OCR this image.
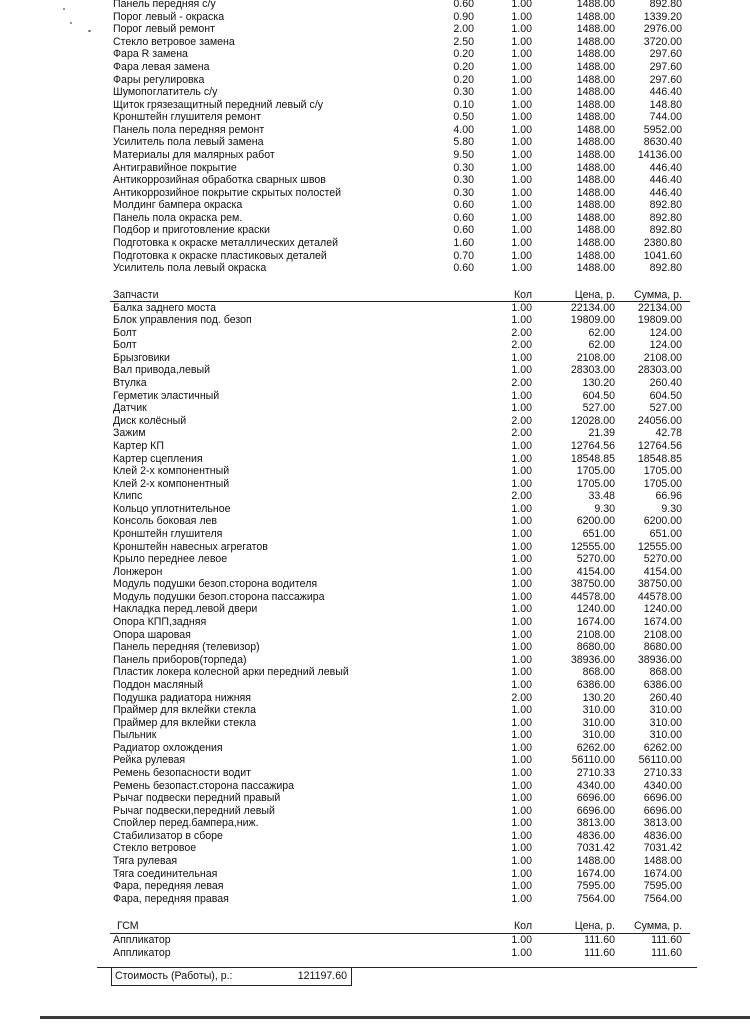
Панель передняя с/у	0.60	1.00	1488.00	892.80
Порог левый - окраска	0.90	1.00	1488.00	1339.20
Порог левый ремонт	2.00	1.00	1488.00	2976.00
Стекло ветровое замена	2.50	1.00	1488.00	3720.00
Фара R замена	0.20	1.00	1488.00	297.60
Фара левая замена	0.20	1.00	1488.00	297.60
Фары регулировка	0.20	1.00	1488.00	297.60
Шумопоглатитель с/у	0.30	1.00	1488.00	446.40
Щиток грязезащитный передний левый с/у	0.10	1.00	1488.00	148.80
Кронштейн глушителя ремонт	0.50	1.00	1488.00	744.00
Панель пола передняя ремонт	4.00	1.00	1488.00	5952.00
Усилитель пола левый замена	5.80	1.00	1488.00	8630.40
Материалы для малярных работ	9.50	1.00	1488.00 14136.00
Антигравийное покрытие	0.30	1.00	1488.00	446.40
Антикоррозийная обработка сварных швов	0.30	1.00	1488.00	446.40
Антикоррозийное покрытие скрытых полостей	0.30	1.00	1488.00	446.40
Молдинг бампера окраска	0.60	1.00	1488.00	892.80
Панель пола окраска рем.	0.60	1.00	1488.00	892.80
Подбор и приготовление краски	0.60	1.00	1488.00	892.80
Подготовка к окраске металлических деталей	1.60	1.00	1488.00	2380.80
Подготовка к окраске пластиковых деталей	0.70	1.00	1488.00	1041.60
Усилитель пола левый окраска	0.60	1.00	1488.00	892.80
Запчасти	Кол	Цена, р. Сумма, р.
Балка заднего моста	1.00	22134.00 22134.00
Блок управления под. безоп	1.00	19809.00 19809.00
Болт	2.00	62.00	124.00
Болт	2.00	62.00	124.00
Брызговики	1.00	2108.00	2108.00
Вал привода,левый	1.00	28303.00 28303.00
Втулка	2.00	130.20	260.40
Герметик эластичный	1.00	604.50	604.50
Датчик	1.00	527.00	527.00
Диск колёсный	2.00	12028.00 24056.00
Зажим	2.00	21.39	42.78
Картер КП	1.00	12764.56 12764.56
Картер сцепления	1.00	18548.85 18548.85
Клей 2-х компонентный	1.00	1705.00	1705.00
Клей 2-х компонентный	1.00	1705.00	1705.00
Клипс	2.00	33.48	66.96
Кольцо уплотнительное	1.00	9.30	9.30
Консоль боковая лев	1.00	6200.00	6200.00
Кронштейн глушителя	1.00	651.00	651.00
Кронштейн навесных агрегатов	1.00	12555.00 12555.00
Крыло переднее левое	1.00	5270.00	5270.00
Лонжерон	1.00	4154.00	4154.00
Модуль подушки безоп.сторона водителя	1.00	38750.00 38750.00
Модуль подушки безоп.сторона пассажира	1.00	44578.00 44578.00
Накладка перед.левой двери	1.00	1240.00	1240.00
Опора КПП,задняя	1.00	1674.00	1674.00
Опора шаровая	1.00	2108.00	2108.00
Панель передняя (телевизор)	1.00	8680.00	8680.00
Панель приборов(торпеда)	1.00	38936.00 38936.00
Пластик локера колесной арки передний левый	1.00	868.00	868.00
Поддон масляный	1.00	6386.00	6386.00
Подушка радиатора нижняя	2.00	130.20	260.40
Праймер для вклейки стекла	1.00	310.00	310.00
Праймер для вклейки стекла	1.00	310.00	310.00
Пыльник	1.00	310.00	310.00
Радиатор охлождения	1.00	6262.00	6262.00
Рейка рулевая	1.00	56110.00 56110.00
Ремень безопасности водит	1.00	2710.33	2710.33
Ремень безопаст.сторона пассажира	1.00	4340.00	4340.00
Рычаг подвески передний правый	1.00	6696.00	6696.00
Рычаг подвески,передний левый	1.00	6696.00	6696.00
Спойлер перед.бампера,ниж.	1.00	3813.00	3813.00
Стабилизатор в сборе	1.00	4836.00	4836.00
Стекло ветровое	1.00	7031.42	7031.42
Тяга рулевая	1.00	1488.00	1488.00
Тяга соединительная	1.00	1674.00	1674.00
Фара, передняя левая	1.00	7595.00	7595.00
Фара, передняя правая	1.00	7564.00	7564.00
ГСМ	Кол	Цена, р. Сумма, р.
Аппликатор	1.00	111.60	111.60
Аппликатор	1.00	111.60	111.60
Стоимость (Работы), р.:	121197.60
